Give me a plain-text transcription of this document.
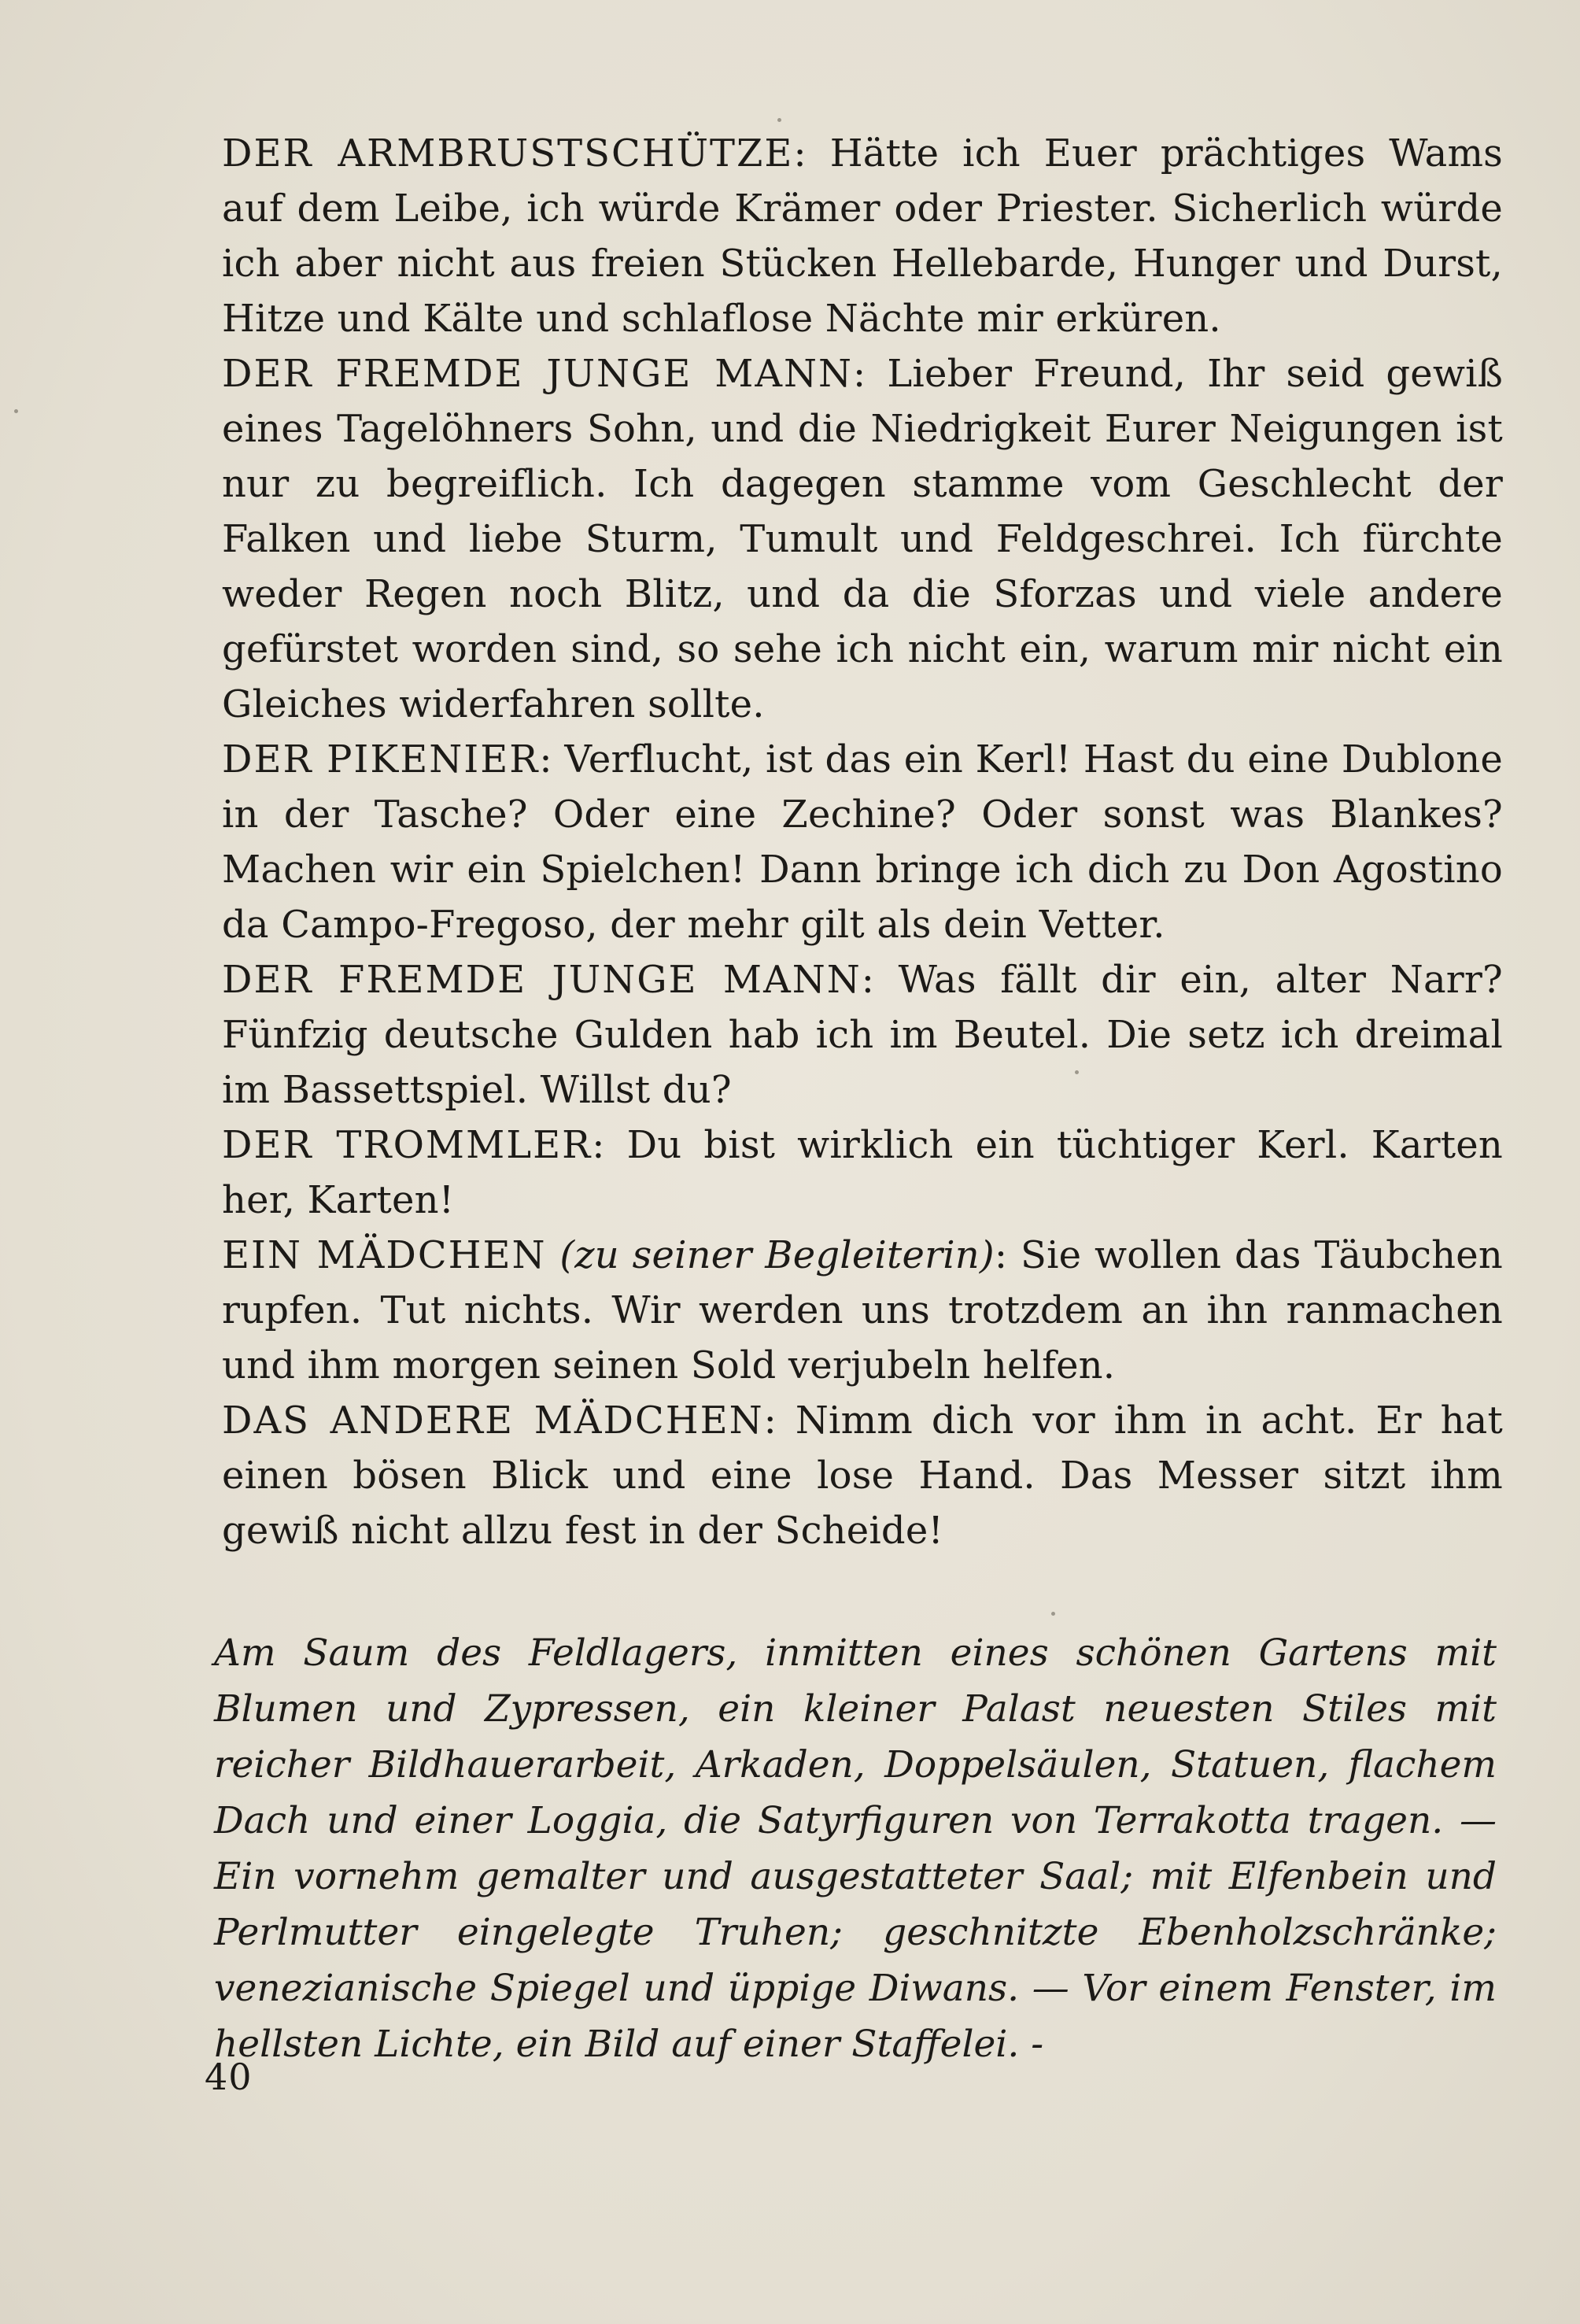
DER ARMBRUSTSCHÜTZE: Hätte ich Euer prächtiges Wams auf dem Leibe, ich würde Krämer oder Priester. Sicherlich würde ich aber nicht aus freien Stücken Hellebarde, Hunger und Durst, Hitze und Kälte und schlaflose Nächte mir erküren.

DER FREMDE JUNGE MANN: Lieber Freund, Ihr seid gewiß eines Tagelöhners Sohn, und die Niedrigkeit Eurer Neigungen ist nur zu begreiflich. Ich dagegen stamme vom Geschlecht der Falken und liebe Sturm, Tumult und Feldgeschrei. Ich fürchte weder Regen noch Blitz, und da die Sforzas und viele andere gefürstet worden sind, so sehe ich nicht ein, warum mir nicht ein Gleiches widerfahren sollte.

DER PIKENIER: Verflucht, ist das ein Kerl! Hast du eine Dublone in der Tasche? Oder eine Zechine? Oder sonst was Blankes? Machen wir ein Spielchen! Dann bringe ich dich zu Don Agostino da Campo-Fregoso, der mehr gilt als dein Vetter.

DER FREMDE JUNGE MANN: Was fällt dir ein, alter Narr? Fünfzig deutsche Gulden hab ich im Beutel. Die setz ich dreimal im Bassettspiel. Willst du?

DER TROMMLER: Du bist wirklich ein tüchtiger Kerl. Karten her, Karten!

EIN MÄDCHEN (zu seiner Begleiterin): Sie wollen das Täubchen rupfen. Tut nichts. Wir werden uns trotzdem an ihn ranmachen und ihm morgen seinen Sold verjubeln helfen.

DAS ANDERE MÄDCHEN: Nimm dich vor ihm in acht. Er hat einen bösen Blick und eine lose Hand. Das Messer sitzt ihm gewiß nicht allzu fest in der Scheide!

Am Saum des Feldlagers, inmitten eines schönen Gartens mit Blumen und Zypressen, ein kleiner Palast neuesten Stiles mit reicher Bildhauerarbeit, Arkaden, Doppelsäulen, Statuen, flachem Dach und einer Loggia, die Satyrfiguren von Terrakotta tragen. — Ein vornehm gemalter und ausgestatteter Saal; mit Elfenbein und Perlmutter eingelegte Truhen; geschnitzte Ebenholzschränke; venezianische Spiegel und üppige Diwans. — Vor einem Fenster, im hellsten Lichte, ein Bild auf einer Staffelei. -

40
